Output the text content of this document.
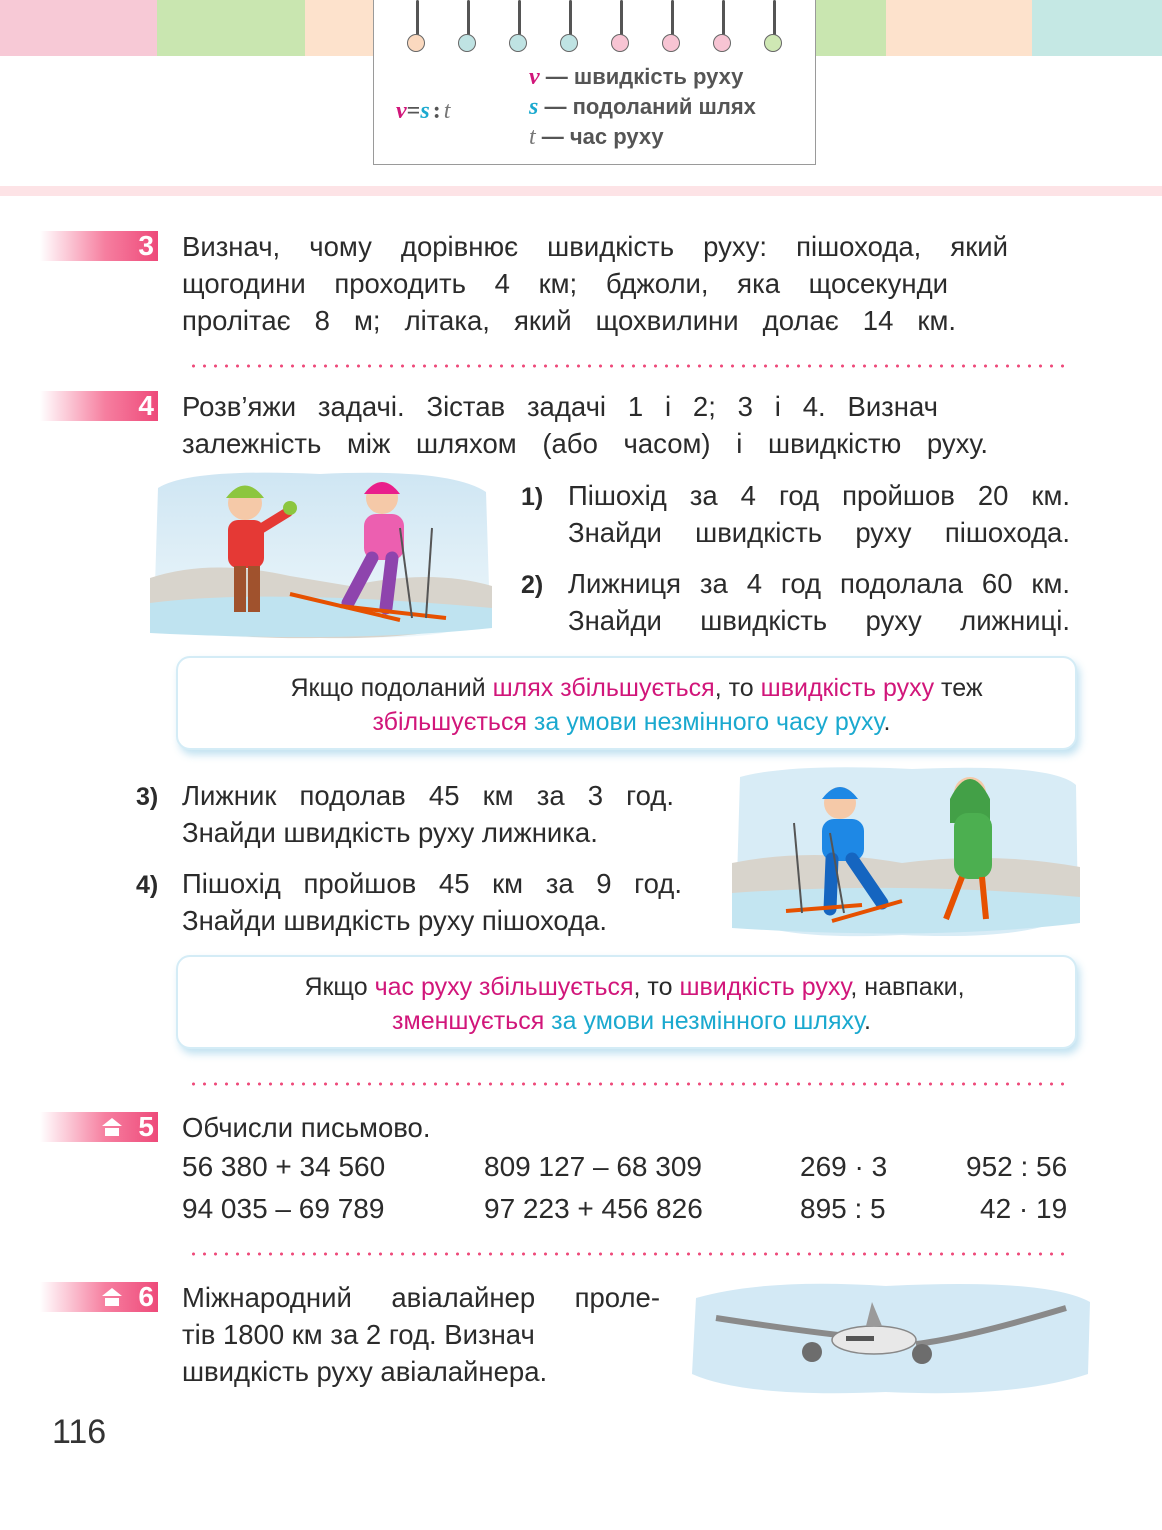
v=s : t
v — швидкість руху
s — подоланий шлях
t — час руху
3 Визнач, чому дорівнює швидкість руху: пішохода, який
щогодини проходить 4 км; бджоли, яка щосекунди
пролітає 8 м; літака, який щохвилини долає 14 км.
4 Розв’яжи задачі. Зістав задачі 1 і 2; 3 і 4. Визнач
залежність між шляхом (або часом) і швидкістю руху.
1) Пішохід за 4 год пройшов 20 км.
Знайди швидкість руху пішохода.
2) Лижниця за 4 год подолала 60 км.
Знайди швидкість руху лижниці.
Якщо подоланий шлях збільшується, то швидкість руху теж
збільшується за умови незмінного часу руху.
3) Лижник подолав 45 км за 3 год.
Знайди швидкість руху лижника.
4) Пішохід пройшов 45 км за 9 год.
Знайди швидкість руху пішохода.
Якщо час руху збільшується, то швидкість руху, навпаки,
зменшується за умови незмінного шляху.
5 Обчисли письмово.
56 380 + 34 560	809 127 – 68 309	269 · 3	952 : 56
94 035 – 69 789	97 223 + 456 826	895 : 5	42 · 19
6 Міжнародний авіалайнер проле-
тів 1800 км за 2 год. Визнач
швидкість руху авіалайнера.
116
